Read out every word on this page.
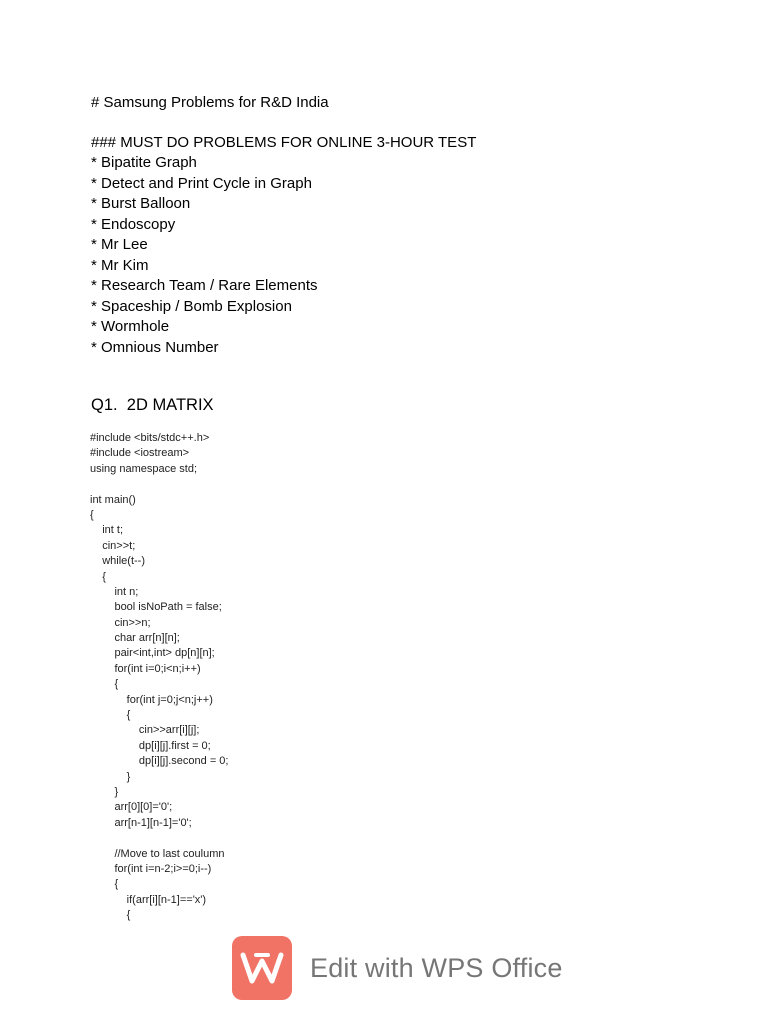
# Samsung Problems for R&D India
### MUST DO PROBLEMS FOR ONLINE 3-HOUR TEST
* Bipatite Graph
* Detect and Print Cycle in Graph
* Burst Balloon
* Endoscopy
* Mr Lee
* Mr Kim
* Research Team / Rare Elements
* Spaceship / Bomb Explosion
* Wormhole
* Omnious Number
Q1.  2D MATRIX
#include <bits/stdc++.h>
#include <iostream>
using namespace std;
int main()
{
int t;
cin>>t;
while(t--)
{
int n;
bool isNoPath = false;
cin>>n;
char arr[n][n];
pair<int,int> dp[n][n];
for(int i=0;i<n;i++)
{
for(int j=0;j<n;j++)
{
cin>>arr[i][j];
dp[i][j].first = 0;
dp[i][j].second = 0;
}
}
arr[0][0]='0';
arr[n-1][n-1]='0';
//Move to last coulumn
for(int i=n-2;i>=0;i--)
{
if(arr[i][n-1]=='x')
{
Edit with WPS Office
